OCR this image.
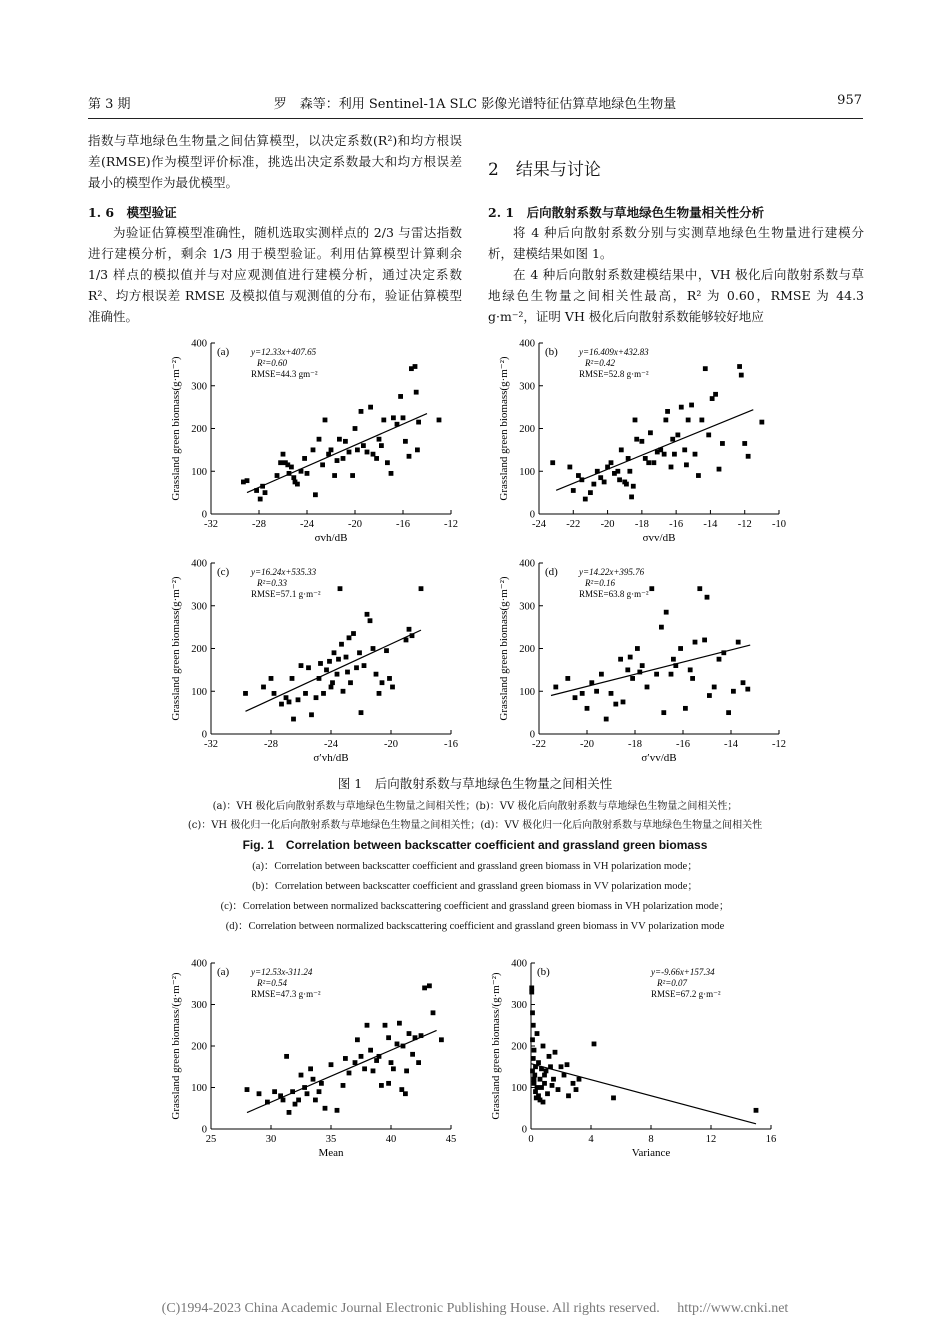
第 3 期	罗　森等：利用 Sentinel-1A SLC 影像光谱特征估算草地绿色生物量	957
指数与草地绿色生物量之间估算模型，以决定系数(R²)和均方根误差(RMSE)作为模型评价标准，挑选出决定系数最大和均方根误差最小的模型作为最优模型。
1. 6　模型验证
为验证估算模型准确性，随机选取实测样点的 2/3 与雷达指数进行建模分析，剩余 1/3 用于模型验证。利用估算模型计算剩余 1/3 样点的模拟值并与对应观测值进行建模分析，通过决定系数 R²、均方根误差 RMSE 及模拟值与观测值的分布，验证估算模型准确性。
2　结果与讨论
2. 1　后向散射系数与草地绿色生物量相关性分析
将 4 种后向散射系数分别与实测草地绿色生物量进行建模分析，建模结果如图 1。
在 4 种后向散射系数建模结果中，VH 极化后向散射系数与草地绿色生物量之间相关性最高，R² 为 0.60，RMSE 为 44.3 g·m⁻²，证明 VH 极化后向散射系数能够较好地应
0
100
200
300
400
-32	-28	-24	-20	-16	-12
σvh/dB
Grassland green biomass(g·m⁻²)
(a) y=12.33x+407.65
R²=0.60
RMSE=44.3 gm⁻²
0
100
200
300
400
-24 -22 -20 -18 -16 -14 -12 -10
σvv/dB
Grassland green biomass(g·m⁻²)
(b) y=16.409x+432.83
R²=0.42
RMSE=52.8 g·m⁻²
0
100
200
300
400
-32	-28	-24	-20	-16
σ′vh/dB
Grassland green biomass(g·m⁻²)
(c) y=16.24x+535.33
R²=0.33
RMSE=57.1 g·m⁻²
0
100
200
300
400
-22	-20	-18	-16	-14	-12
σ′vv/dB
Grassland green biomass(g·m⁻²)
(d) y=14.22x+395.76
R²=0.16
RMSE=63.8 g·m⁻²
图 1　后向散射系数与草地绿色生物量之间相关性
(a)：VH 极化后向散射系数与草地绿色生物量之间相关性；(b)：VV 极化后向散射系数与草地绿色生物量之间相关性；
(c)：VH 极化归一化后向散射系数与草地绿色生物量之间相关性；(d)：VV 极化归一化后向散射系数与草地绿色生物量之间相关性
Fig. 1　Correlation between backscatter coefficient and grassland green biomass
(a)：Correlation between backscatter coefficient and grassland green biomass in VH polarization mode；
(b)：Correlation between backscatter coefficient and grassland green biomass in VV polarization mode；
(c)：Correlation between normalized backscattering coefficient and grassland green biomass in VH polarization mode；
(d)：Correlation between normalized backscattering coefficient and grassland green biomass in VV polarization mode
0
100
200
300
400
25	30	35	40	45
Mean
Grassland green biomass/(g·m⁻²)
(a) y=12.53x-311.24
R²=0.54
RMSE=47.3 g·m⁻²
0
100
200
300
400
0	4	8	12	16
Variance
Grassland green biomass/(g·m⁻²)
(b)	y=-9.66x+157.34
R²=0.07
RMSE=67.2 g·m⁻²
(C)1994-2023 China Academic Journal Electronic Publishing House. All rights reserved.　 http://www.cnki.net
